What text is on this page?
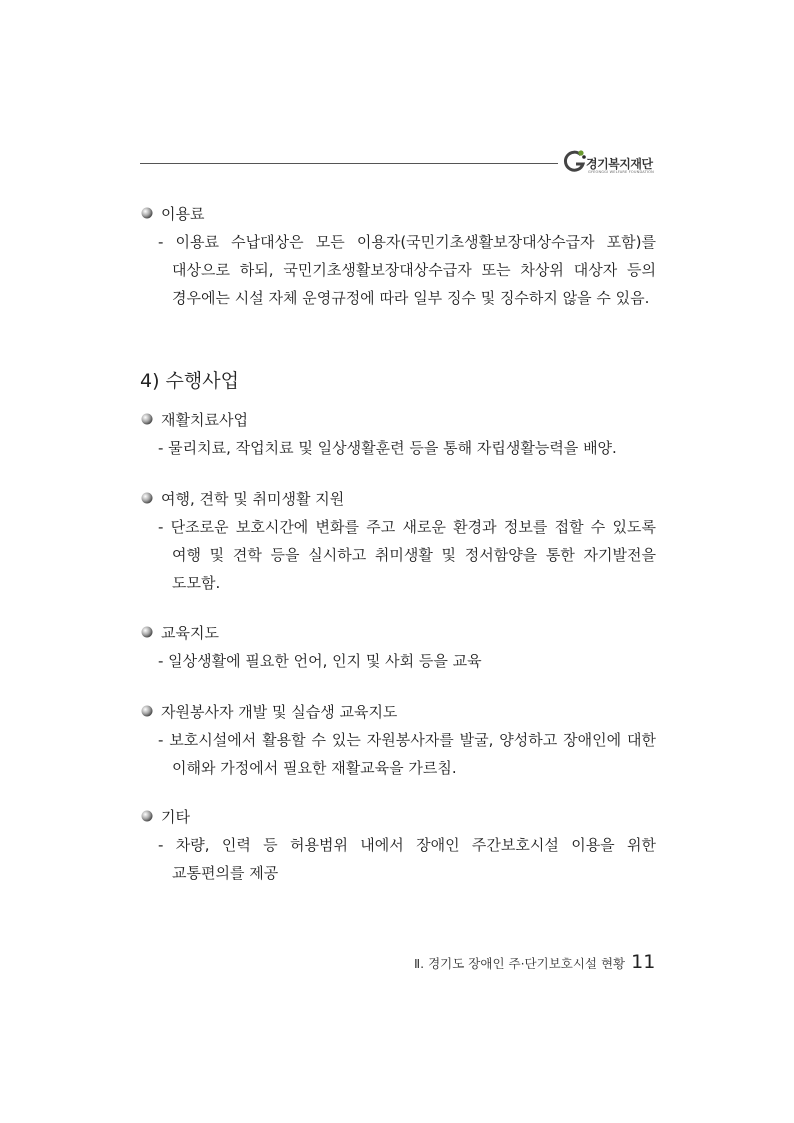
경기복지재단
GYEONGGI WELFARE FOUNDATION
이용료
- 이용료 수납대상은 모든 이용자(국민기초생활보장대상수급자 포함)를 대상으로 하되, 국민기초생활보장대상수급자 또는 차상위 대상자 등의 경우에는 시설 자체 운영규정에 따라 일부 징수 및 징수하지 않을 수 있음.
4) 수행사업
재활치료사업
- 물리치료, 작업치료 및 일상생활훈련 등을 통해 자립생활능력을 배양.
여행, 견학 및 취미생활 지원
- 단조로운 보호시간에 변화를 주고 새로운 환경과 정보를 접할 수 있도록 여행 및 견학 등을 실시하고 취미생활 및 정서함양을 통한 자기발전을 도모함.
교육지도
- 일상생활에 필요한 언어, 인지 및 사회 등을 교육
자원봉사자 개발 및 실습생 교육지도
- 보호시설에서 활용할 수 있는 자원봉사자를 발굴, 양성하고 장애인에 대한 이해와 가정에서 필요한 재활교육을 가르침.
기타
- 차량, 인력 등 허용범위 내에서 장애인 주간보호시설 이용을 위한 교통편의를 제공
Ⅱ. 경기도 장애인 주·단기보호시설 현황 11
